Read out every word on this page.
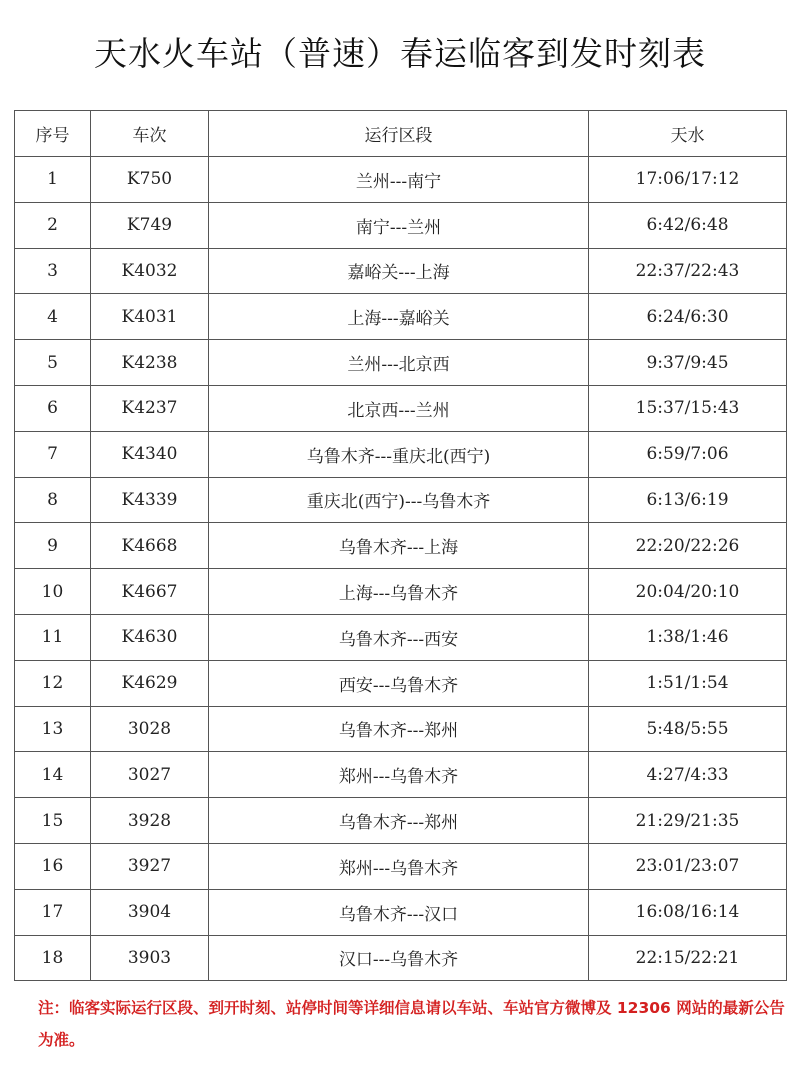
天水火车站（普速）春运临客到发时刻表
序号	车次	运行区段	天水
1	K750	兰州---南宁	17:06/17:12
2	K749	南宁---兰州	6:42/6:48
3	K4032	嘉峪关---上海	22:37/22:43
4	K4031	上海---嘉峪关	6:24/6:30
5	K4238	兰州---北京西	9:37/9:45
6	K4237	北京西---兰州	15:37/15:43
7	K4340	乌鲁木齐---重庆北(西宁)	6:59/7:06
8	K4339	重庆北(西宁)---乌鲁木齐	6:13/6:19
9	K4668	乌鲁木齐---上海	22:20/22:26
10	K4667	上海---乌鲁木齐	20:04/20:10
11	K4630	乌鲁木齐---西安	1:38/1:46
12	K4629	西安---乌鲁木齐	1:51/1:54
13	3028	乌鲁木齐---郑州	5:48/5:55
14	3027	郑州---乌鲁木齐	4:27/4:33
15	3928	乌鲁木齐---郑州	21:29/21:35
16	3927	郑州---乌鲁木齐	23:01/23:07
17	3904	乌鲁木齐---汉口	16:08/16:14
18	3903	汉口---乌鲁木齐	22:15/22:21
注：临客实际运行区段、到开时刻、站停时间等详细信息请以车站、车站官方微博及 12306 网站的最新公告为准。
